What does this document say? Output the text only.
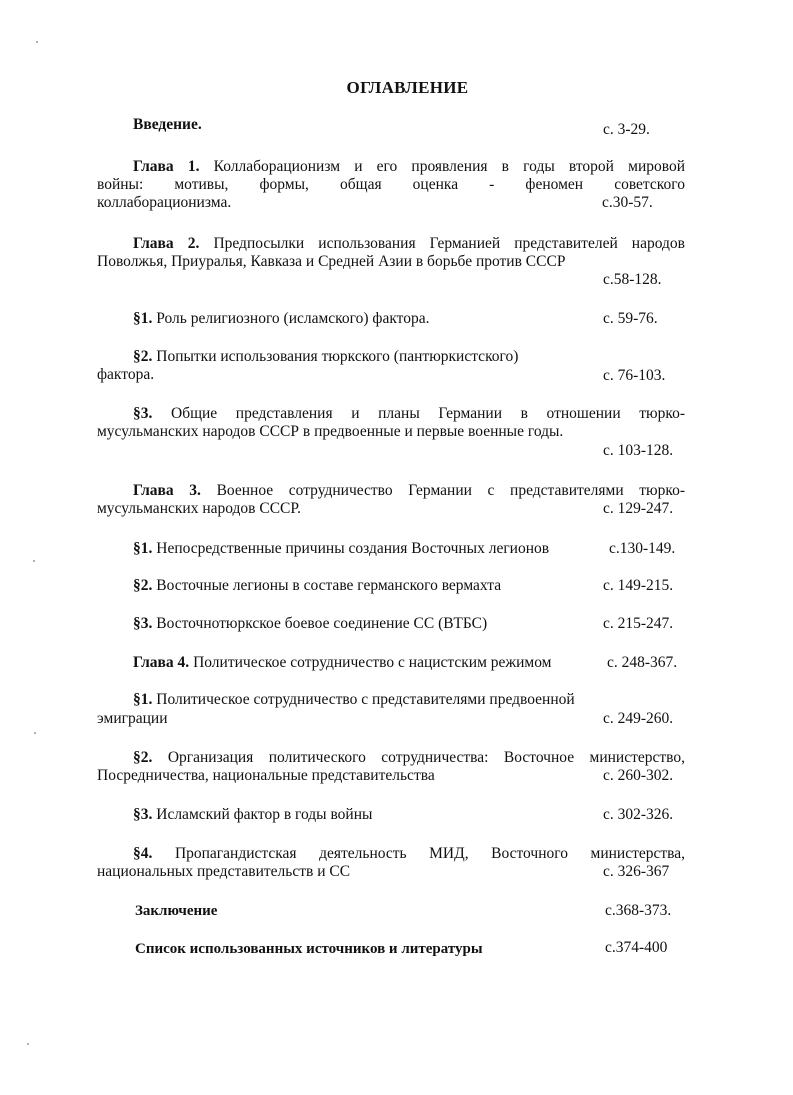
ОГЛАВЛЕНИЕ
Введение.	с. 3-29.
Глава 1. Коллаборационизм и его проявления в годы второй мировой
войны: мотивы, формы, общая оценка - феномен советского
коллаборационизма.	с.30-57.
Глава 2. Предпосылки использования Германией представителей народов
Поволжья, Приуралья, Кавказа и Средней Азии в борьбе против СССР
с.58-128.
§1. Роль религиозного (исламского) фактора.	с. 59-76.
§2. Попытки использования тюркского (пантюркистского)
фактора.	с. 76-103.
§3. Общие представления и планы Германии в отношении тюрко-
мусульманских народов СССР в предвоенные и первые военные годы.
с. 103-128.
Глава 3. Военное сотрудничество Германии с представителями тюрко-
мусульманских народов СССР.	с. 129-247.
§1. Непосредственные причины создания Восточных легионов	с.130-149.
§2. Восточные легионы в составе германского вермахта	с. 149-215.
§3. Восточнотюркское боевое соединение СС (ВТБС)	с. 215-247.
Глава 4. Политическое сотрудничество с нацистским режимом	с. 248-367.
§1. Политическое сотрудничество с представителями предвоенной
эмиграции	с. 249-260.
§2. Организация политического сотрудничества: Восточное министерство,
Посредничества, национальные представительства	с. 260-302.
§3. Исламский фактор в годы войны	с. 302-326.
§4. Пропагандистская деятельность МИД, Восточного министерства,
национальных представительств и СС	с. 326-367
Заключение	с.368-373.
Список использованных источников и литературы	с.374-400
